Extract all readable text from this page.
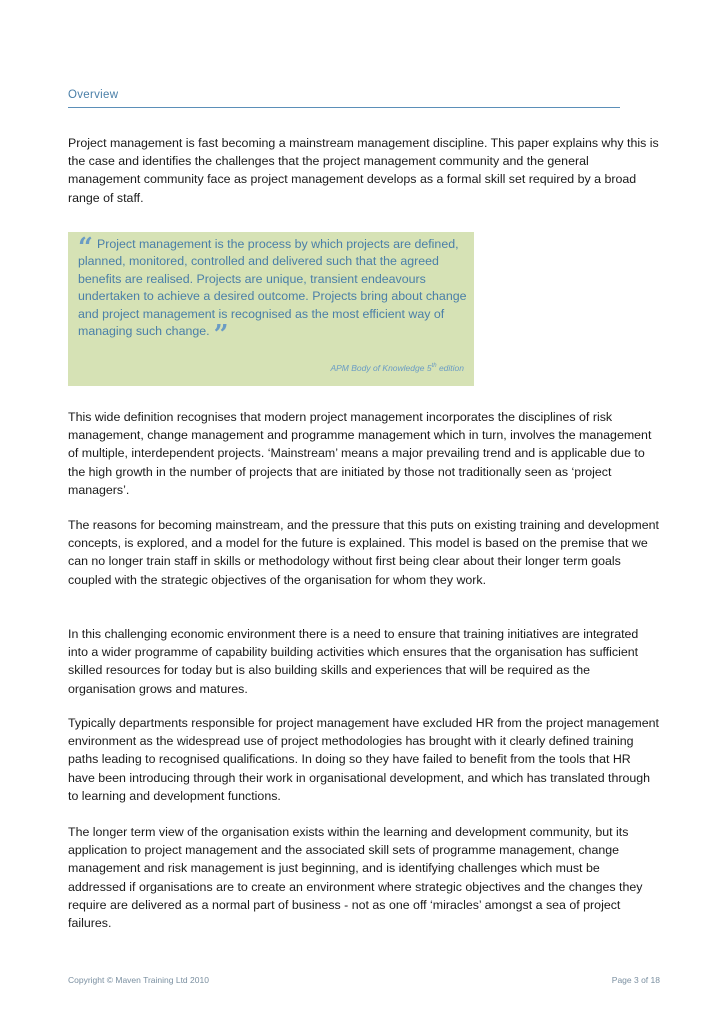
Overview

Project management is fast becoming a mainstream management discipline. This paper explains why this is the case and identifies the challenges that the project management community and the general management community face as project management develops as a formal skill set required by a broad range of staff.

“ Project management is the process by which projects are defined, planned, monitored, controlled and delivered such that the agreed benefits are realised. Projects are unique, transient endeavours undertaken to achieve a desired outcome. Projects bring about change and project management is recognised as the most efficient way of managing such change. ”

APM Body of Knowledge 5th edition

This wide definition recognises that modern project management incorporates the disciplines of risk management, change management and programme management which in turn, involves the management of multiple, interdependent projects. ‘Mainstream’ means a major prevailing trend and is applicable due to the high growth in the number of projects that are initiated by those not traditionally seen as ‘project managers’.

The reasons for becoming mainstream, and the pressure that this puts on existing training and development concepts, is explored, and a model for the future is explained. This model is based on the premise that we can no longer train staff in skills or methodology without first being clear about their longer term goals coupled with the strategic objectives of the organisation for whom they work.

In this challenging economic environment there is a need to ensure that training initiatives are integrated into a wider programme of capability building activities which ensures that the organisation has sufficient skilled resources for today but is also building skills and experiences that will be required as the organisation grows and matures.

Typically departments responsible for project management have excluded HR from the project management environment as the widespread use of project methodologies has brought with it clearly defined training paths leading to recognised qualifications. In doing so they have failed to benefit from the tools that HR have been introducing through their work in organisational development, and which has translated through to learning and development functions.

The longer term view of the organisation exists within the learning and development community, but its application to project management and the associated skill sets of programme management, change management and risk management is just beginning, and is identifying challenges which must be addressed if organisations are to create an environment where strategic objectives and the changes they require are delivered as a normal part of business - not as one off ‘miracles’ amongst a sea of project failures.

Copyright © Maven Training Ltd 2010	Page 3 of 18
